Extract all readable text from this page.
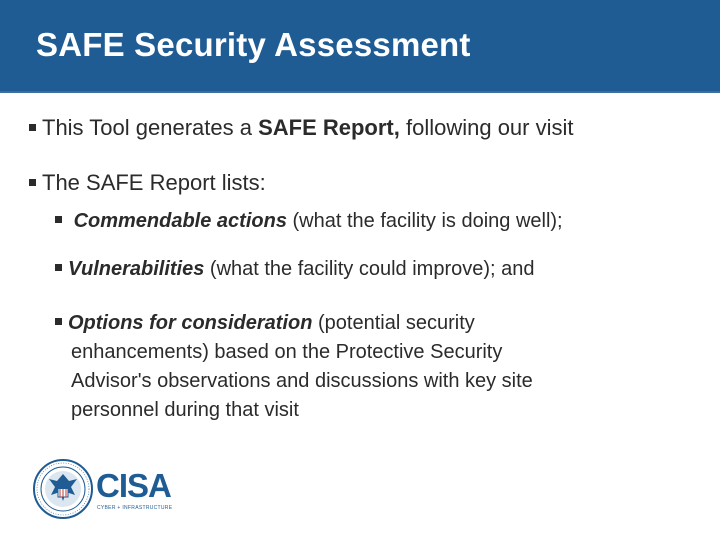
SAFE Security Assessment
This Tool generates a SAFE Report, following our visit
The SAFE Report lists:
Commendable actions (what the facility is doing well);
Vulnerabilities (what the facility could improve); and
Options for consideration (potential security
enhancements) based on the Protective Security
Advisor's observations and discussions with key site
personnel during that visit
CISA
CYBER + INFRASTRUCTURE
